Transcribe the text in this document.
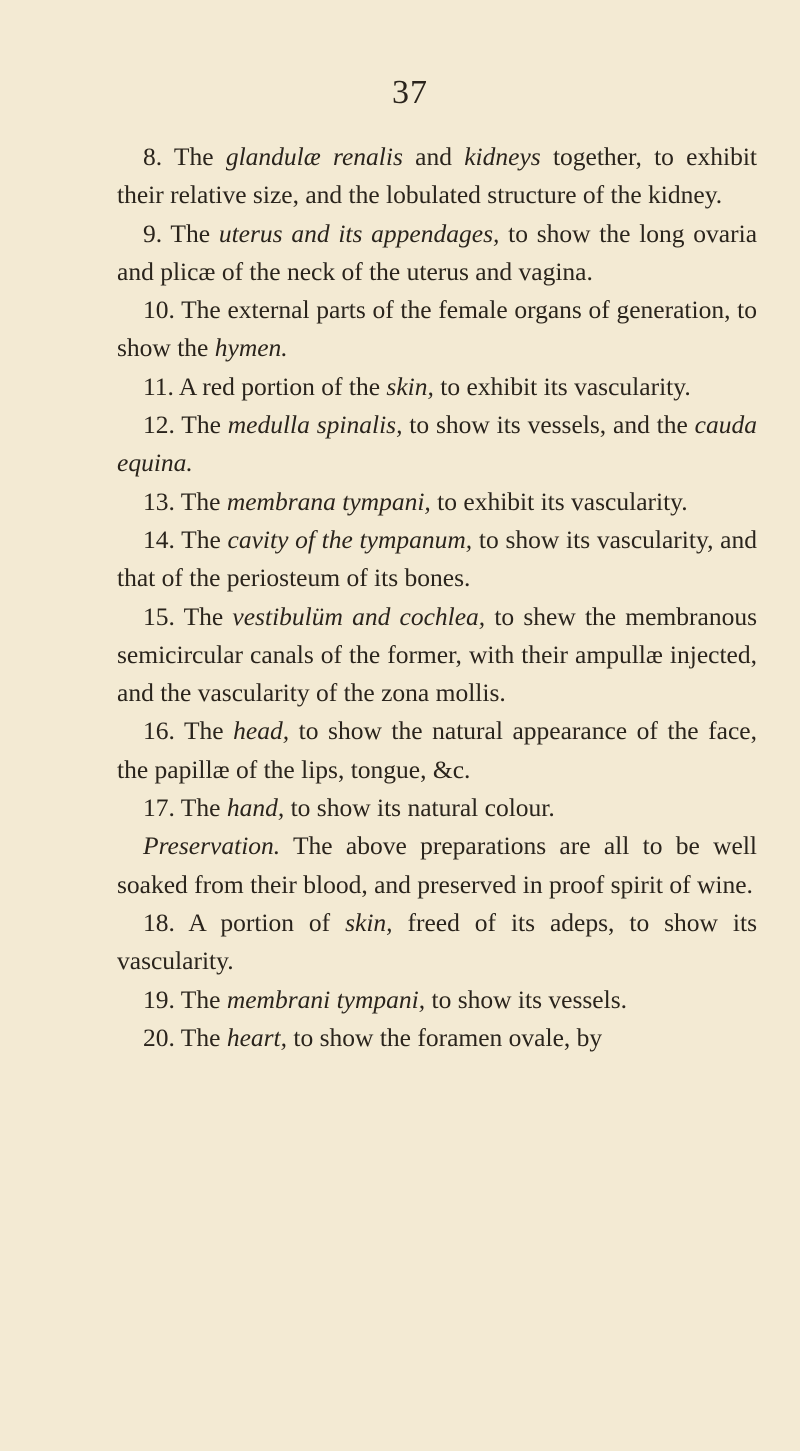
37

8. The glandulæ renalis and kidneys together, to exhibit their relative size, and the lobulated structure of the kidney.

9. The uterus and its appendages, to show the long ovaria and plicæ of the neck of the uterus and vagina.

10. The external parts of the female organs of generation, to show the hymen.

11. A red portion of the skin, to exhibit its vascularity.

12. The medulla spinalis, to show its vessels, and the cauda equina.

13. The membrana tympani, to exhibit its vascularity.

14. The cavity of the tympanum, to show its vascularity, and that of the periosteum of its bones.

15. The vestibulüm and cochlea, to shew the membranous semicircular canals of the former, with their ampullæ injected, and the vascularity of the zona mollis.

16. The head, to show the natural appearance of the face, the papillæ of the lips, tongue, &c.

17. The hand, to show its natural colour.

Preservation. The above preparations are all to be well soaked from their blood, and preserved in proof spirit of wine.

18. A portion of skin, freed of its adeps, to show its vascularity.

19. The membrani tympani, to show its vessels.

20. The heart, to show the foramen ovale, by
